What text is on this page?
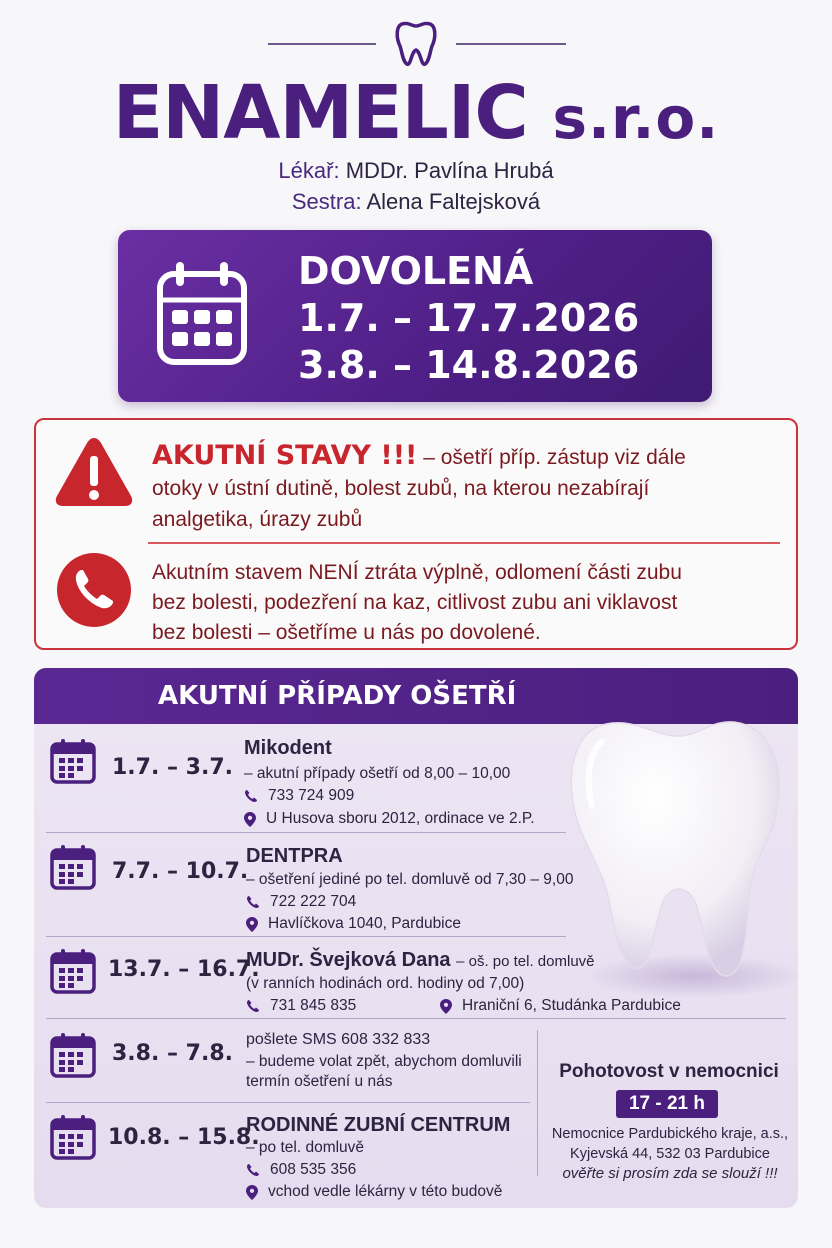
ENAMELIC s.r.o.
Lékař: MDDr. Pavlína Hrubá
Sestra: Alena Faltejsková
DOVOLENÁ
1.7. – 17.7.2026
3.8. – 14.8.2026
AKUTNÍ STAVY !!! – ošetří příp. zástup viz dále
otoky v ústní dutině, bolest zubů, na kterou nezabírají
analgetika, úrazy zubů
Akutním stavem NENÍ ztráta výplně, odlomení části zubu
bez bolesti, podezření na kaz, citlivost zubu ani viklavost
bez bolesti – ošetříme u nás po dovolené.
AKUTNÍ PŘÍPADY OŠETŘÍ
1.7. – 3.7.
Mikodent
– akutní případy ošetří od 8,00 – 10,00
733 724 909
U Husova sboru 2012, ordinace ve 2.P.
7.7. – 10.7.
DENTPRA
– ošetření jediné po tel. domluvě od 7,30 – 9,00
722 222 704
Havlíčkova 1040, Pardubice
13.7. – 16.7.
MUDr. Švejková Dana – oš. po tel. domluvě
(v ranních hodinách ord. hodiny od 7,00)
731 845 835	Hraniční 6, Studánka Pardubice
3.8. – 7.8.
pošlete SMS 608 332 833
– budeme volat zpět, abychom domluvili
termín ošetření u nás
10.8. – 15.8.
RODINNÉ ZUBNÍ CENTRUM
– po tel. domluvě
608 535 356
vchod vedle lékárny v této budově
Pohotovost v nemocnici
17 - 21 h
Nemocnice Pardubického kraje, a.s.,
Kyjevská 44, 532 03 Pardubice
ověřte si prosím zda se slouží !!!
